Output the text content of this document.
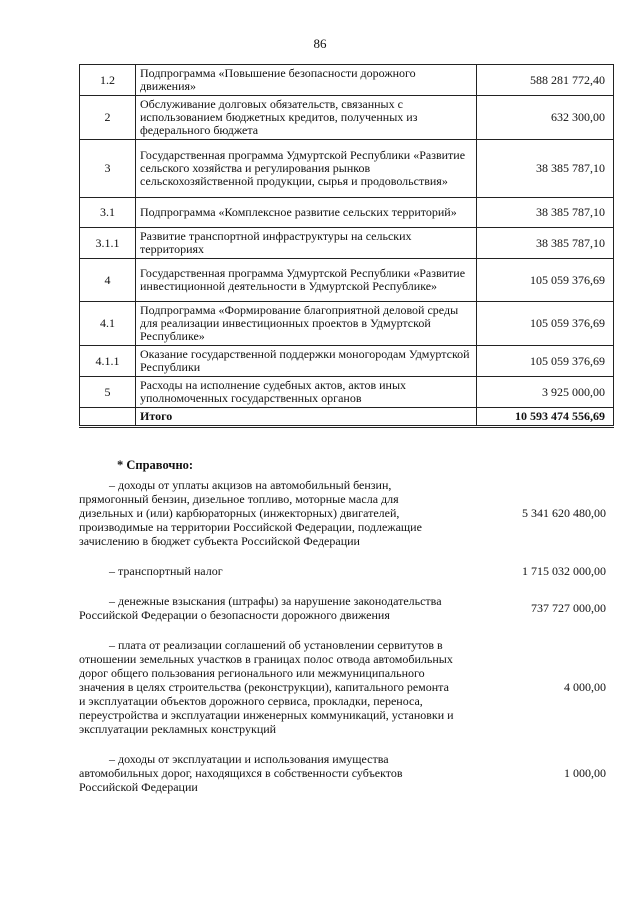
86
1.2	Подпрограмма «Повышение безопасности дорожного движения»	588 281 772,40
2	Обслуживание долговых обязательств, связанных с использованием бюджетных кредитов, полученных из федерального бюджета	632 300,00
3	Государственная программа Удмуртской Республики «Развитие сельского хозяйства и регулирования рынков сельскохозяйственной продукции, сырья и продовольствия»	38 385 787,10
3.1	Подпрограмма «Комплексное развитие сельских территорий»	38 385 787,10
3.1.1	Развитие транспортной инфраструктуры на сельских территориях	38 385 787,10
4	Государственная программа Удмуртской Республики «Развитие инвестиционной деятельности в Удмуртской Республике»	105 059 376,69
4.1	Подпрограмма «Формирование благоприятной деловой среды для реализации инвестиционных проектов в Удмуртской Республике»	105 059 376,69
4.1.1	Оказание государственной поддержки моногородам Удмуртской Республики	105 059 376,69
5	Расходы на исполнение судебных актов, актов иных уполномоченных государственных органов	3 925 000,00
	Итого	10 593 474 556,69
* Справочно:
– доходы от уплаты акцизов на автомобильный бензин, прямогонный бензин, дизельное топливо, моторные масла для дизельных и (или) карбюраторных (инжекторных) двигателей, производимые на территории Российской Федерации, подлежащие зачислению в бюджет субъекта Российской Федерации
5 341 620 480,00
– транспортный налог	1 715 032 000,00
– денежные взыскания (штрафы) за нарушение законодательства Российской Федерации о безопасности дорожного движения	737 727 000,00
– плата от реализации соглашений об установлении сервитутов в отношении земельных участков в границах полос отвода автомобильных дорог общего пользования регионального или межмуниципального значения в целях строительства (реконструкции), капитального ремонта и эксплуатации объектов дорожного сервиса, прокладки, переноса, переустройства и эксплуатации инженерных коммуникаций, установки и эксплуатации рекламных конструкций
4 000,00
– доходы от эксплуатации и использования имущества автомобильных дорог, находящихся в собственности субъектов Российской Федерации
1 000,00
